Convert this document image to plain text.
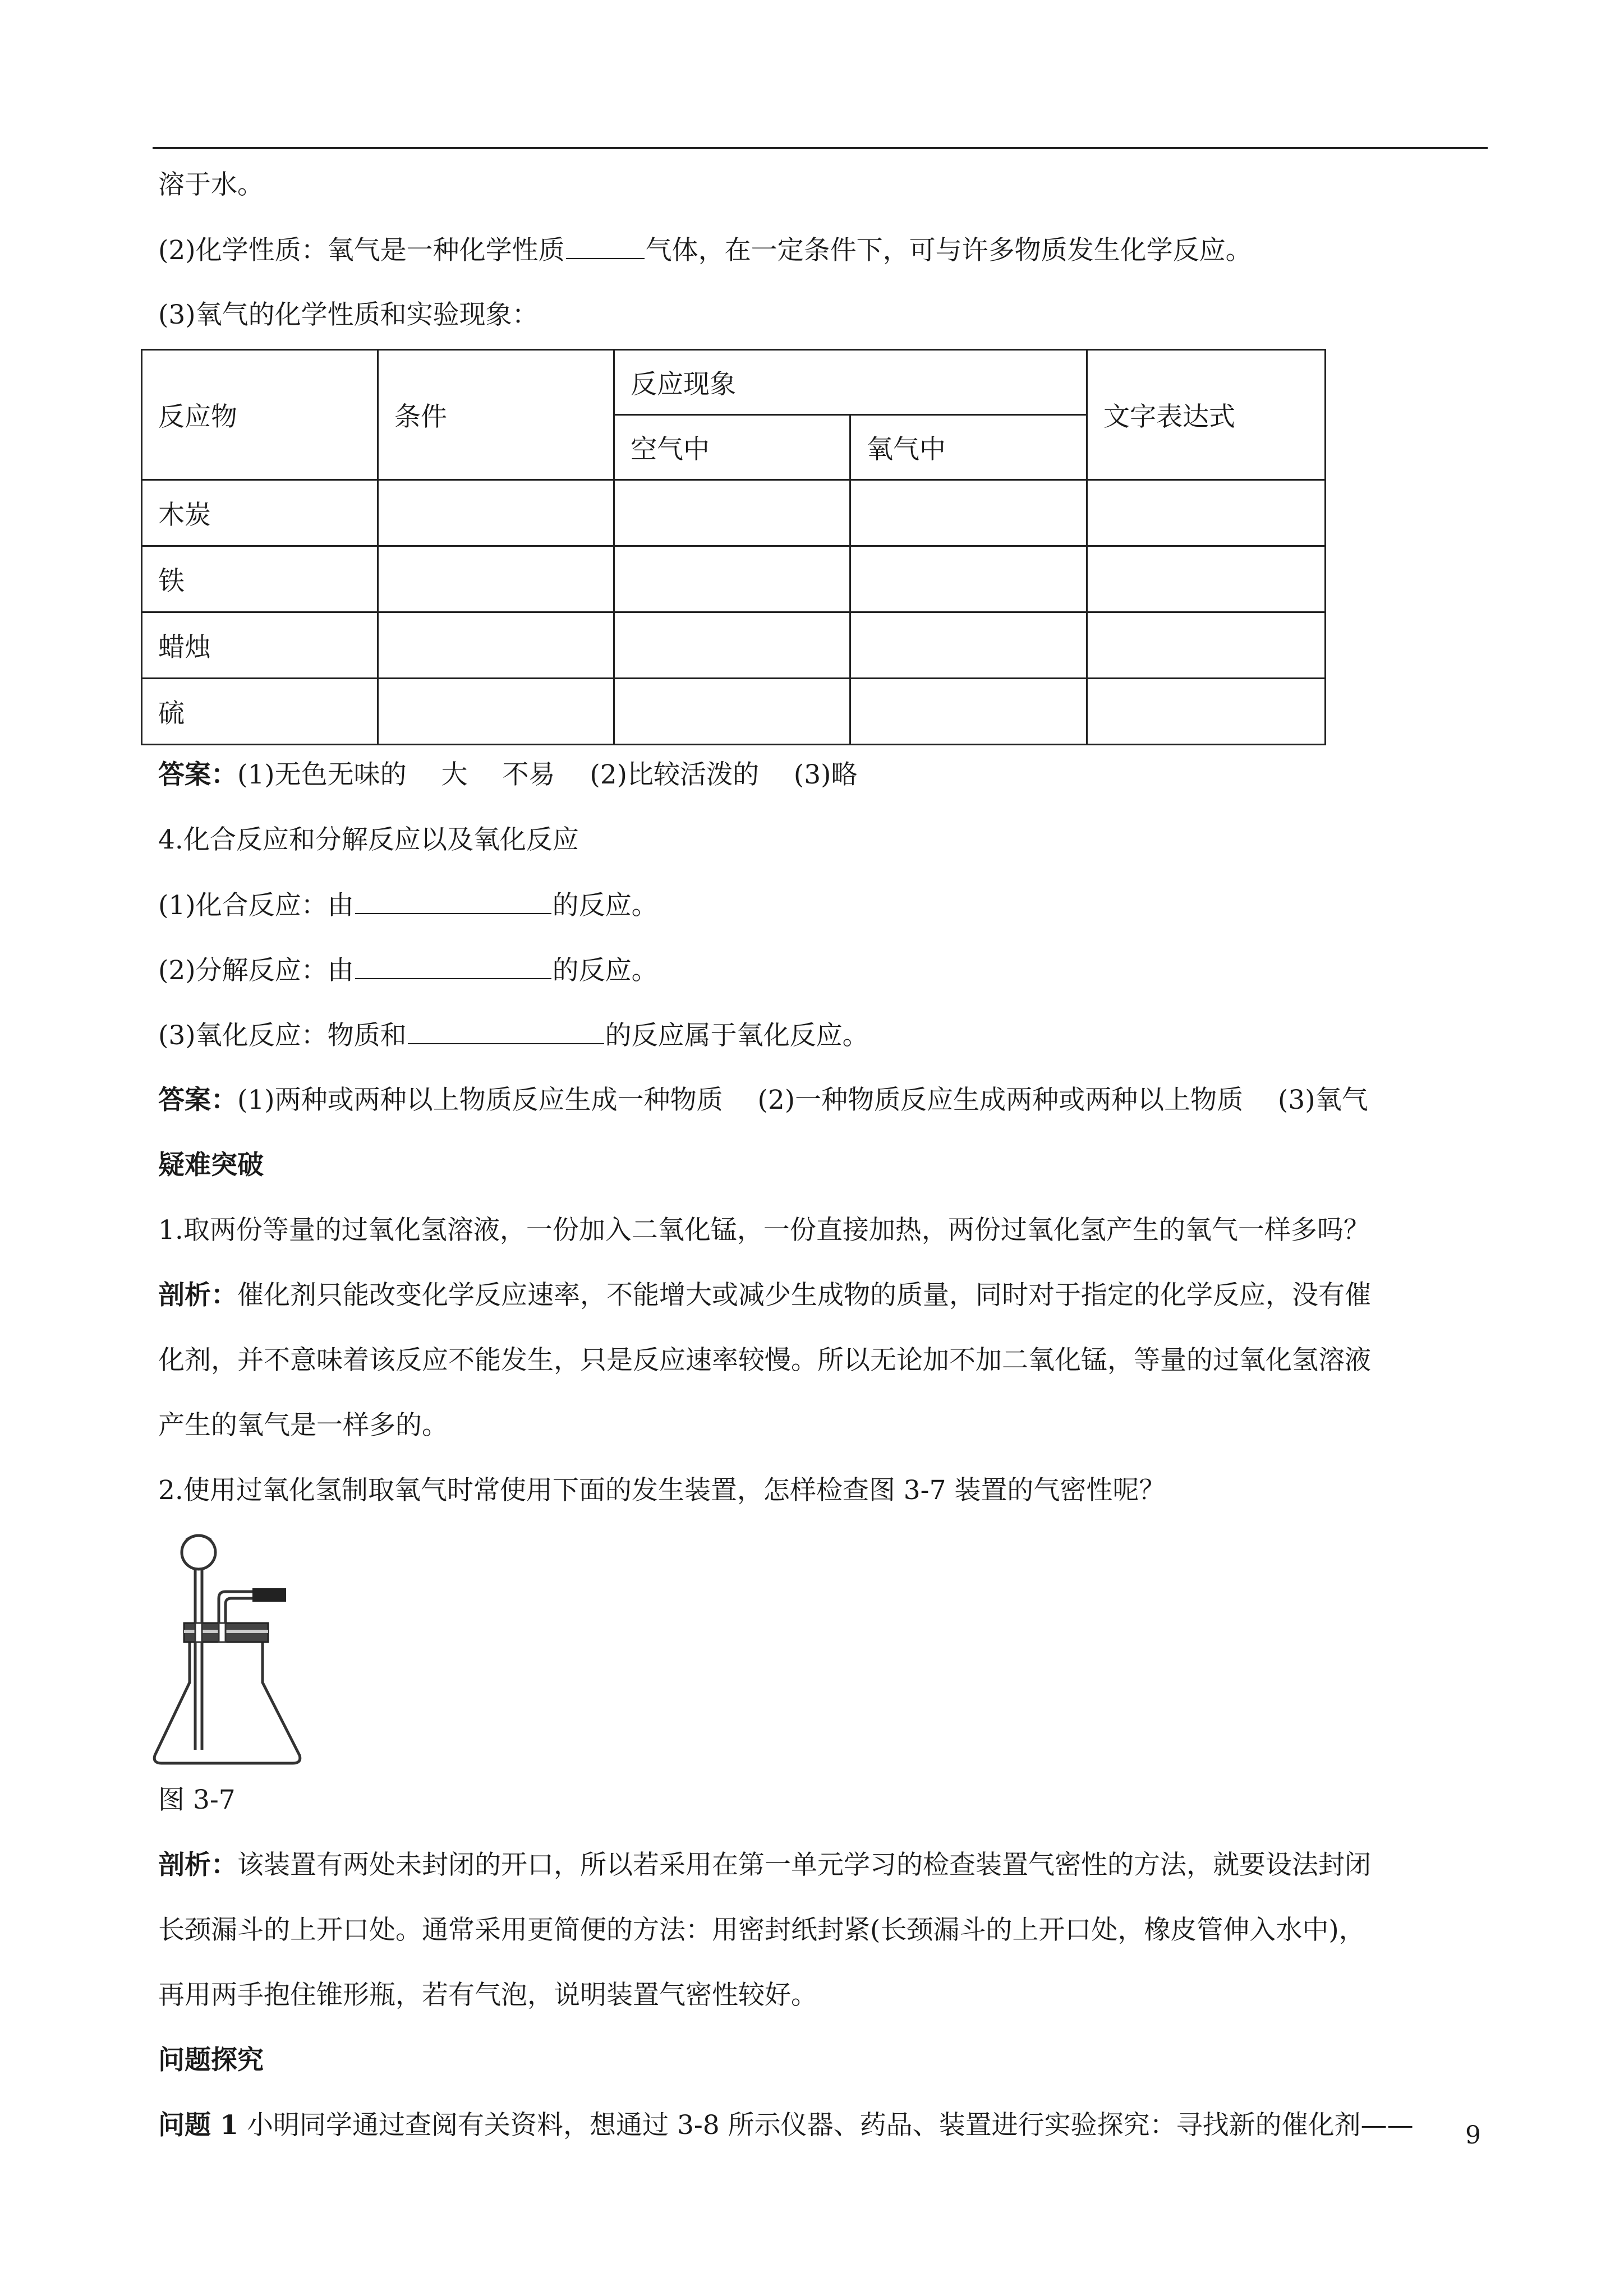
溶于水。
(2)化学性质：氧气是一种化学性质	气体，在一定条件下，可与许多物质发生化学反应。
(3)氧气的化学性质和实验现象：
反应物	条件	反应现象		文字表达式
		空气中	氧气中	
木炭				
铁				
蜡烛				
硫				
答案：(1)无色无味的　 大　 不易　 (2)比较活泼的　 (3)略
4.化合反应和分解反应以及氧化反应
(1)化合反应：由	的反应。
(2)分解反应：由	的反应。
(3)氧化反应：物质和	的反应属于氧化反应。
答案：(1)两种或两种以上物质反应生成一种物质　 (2)一种物质反应生成两种或两种以上物质　 (3)氧气
疑难突破
1.取两份等量的过氧化氢溶液，一份加入二氧化锰，一份直接加热，两份过氧化氢产生的氧气一样多吗？
剖析：催化剂只能改变化学反应速率，不能增大或减少生成物的质量，同时对于指定的化学反应，没有催
化剂，并不意味着该反应不能发生，只是反应速率较慢。所以无论加不加二氧化锰，等量的过氧化氢溶液
产生的氧气是一样多的。
2.使用过氧化氢制取氧气时常使用下面的发生装置，怎样检查图 3-7 装置的气密性呢？
图 3-7
剖析：该装置有两处未封闭的开口，所以若采用在第一单元学习的检查装置气密性的方法，就要设法封闭
长颈漏斗的上开口处。通常采用更简便的方法：用密封纸封紧(长颈漏斗的上开口处，橡皮管伸入水中)，
再用两手抱住锥形瓶，若有气泡，说明装置气密性较好。
问题探究
问题 1 小明同学通过查阅有关资料，想通过 3-8 所示仪器、药品、装置进行实验探究：寻找新的催化剂—— 9
